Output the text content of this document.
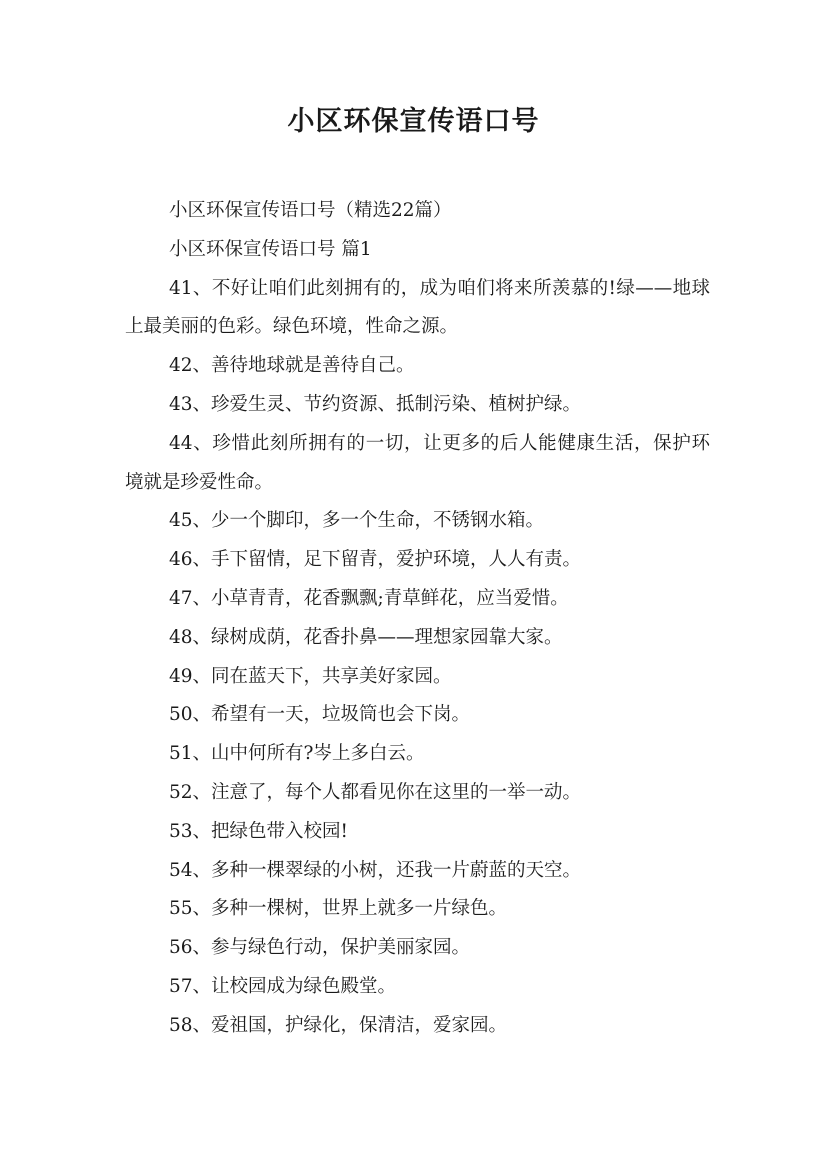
小区环保宣传语口号

小区环保宣传语口号（精选22篇）

小区环保宣传语口号 篇1

41、不好让咱们此刻拥有的，成为咱们将来所羡慕的!绿——地球上最美丽的色彩。绿色环境，性命之源。

42、善待地球就是善待自己。

43、珍爱生灵、节约资源、抵制污染、植树护绿。

44、珍惜此刻所拥有的一切，让更多的后人能健康生活，保护环境就是珍爱性命。

45、少一个脚印，多一个生命，不锈钢水箱。

46、手下留情，足下留青，爱护环境，人人有责。

47、小草青青，花香飘飘;青草鲜花，应当爱惜。

48、绿树成荫，花香扑鼻——理想家园靠大家。

49、同在蓝天下，共享美好家园。

50、希望有一天，垃圾筒也会下岗。

51、山中何所有?岑上多白云。

52、注意了，每个人都看见你在这里的一举一动。

53、把绿色带入校园!

54、多种一棵翠绿的小树，还我一片蔚蓝的天空。

55、多种一棵树，世界上就多一片绿色。

56、参与绿色行动，保护美丽家园。

57、让校园成为绿色殿堂。

58、爱祖国，护绿化，保清洁，爱家园。
